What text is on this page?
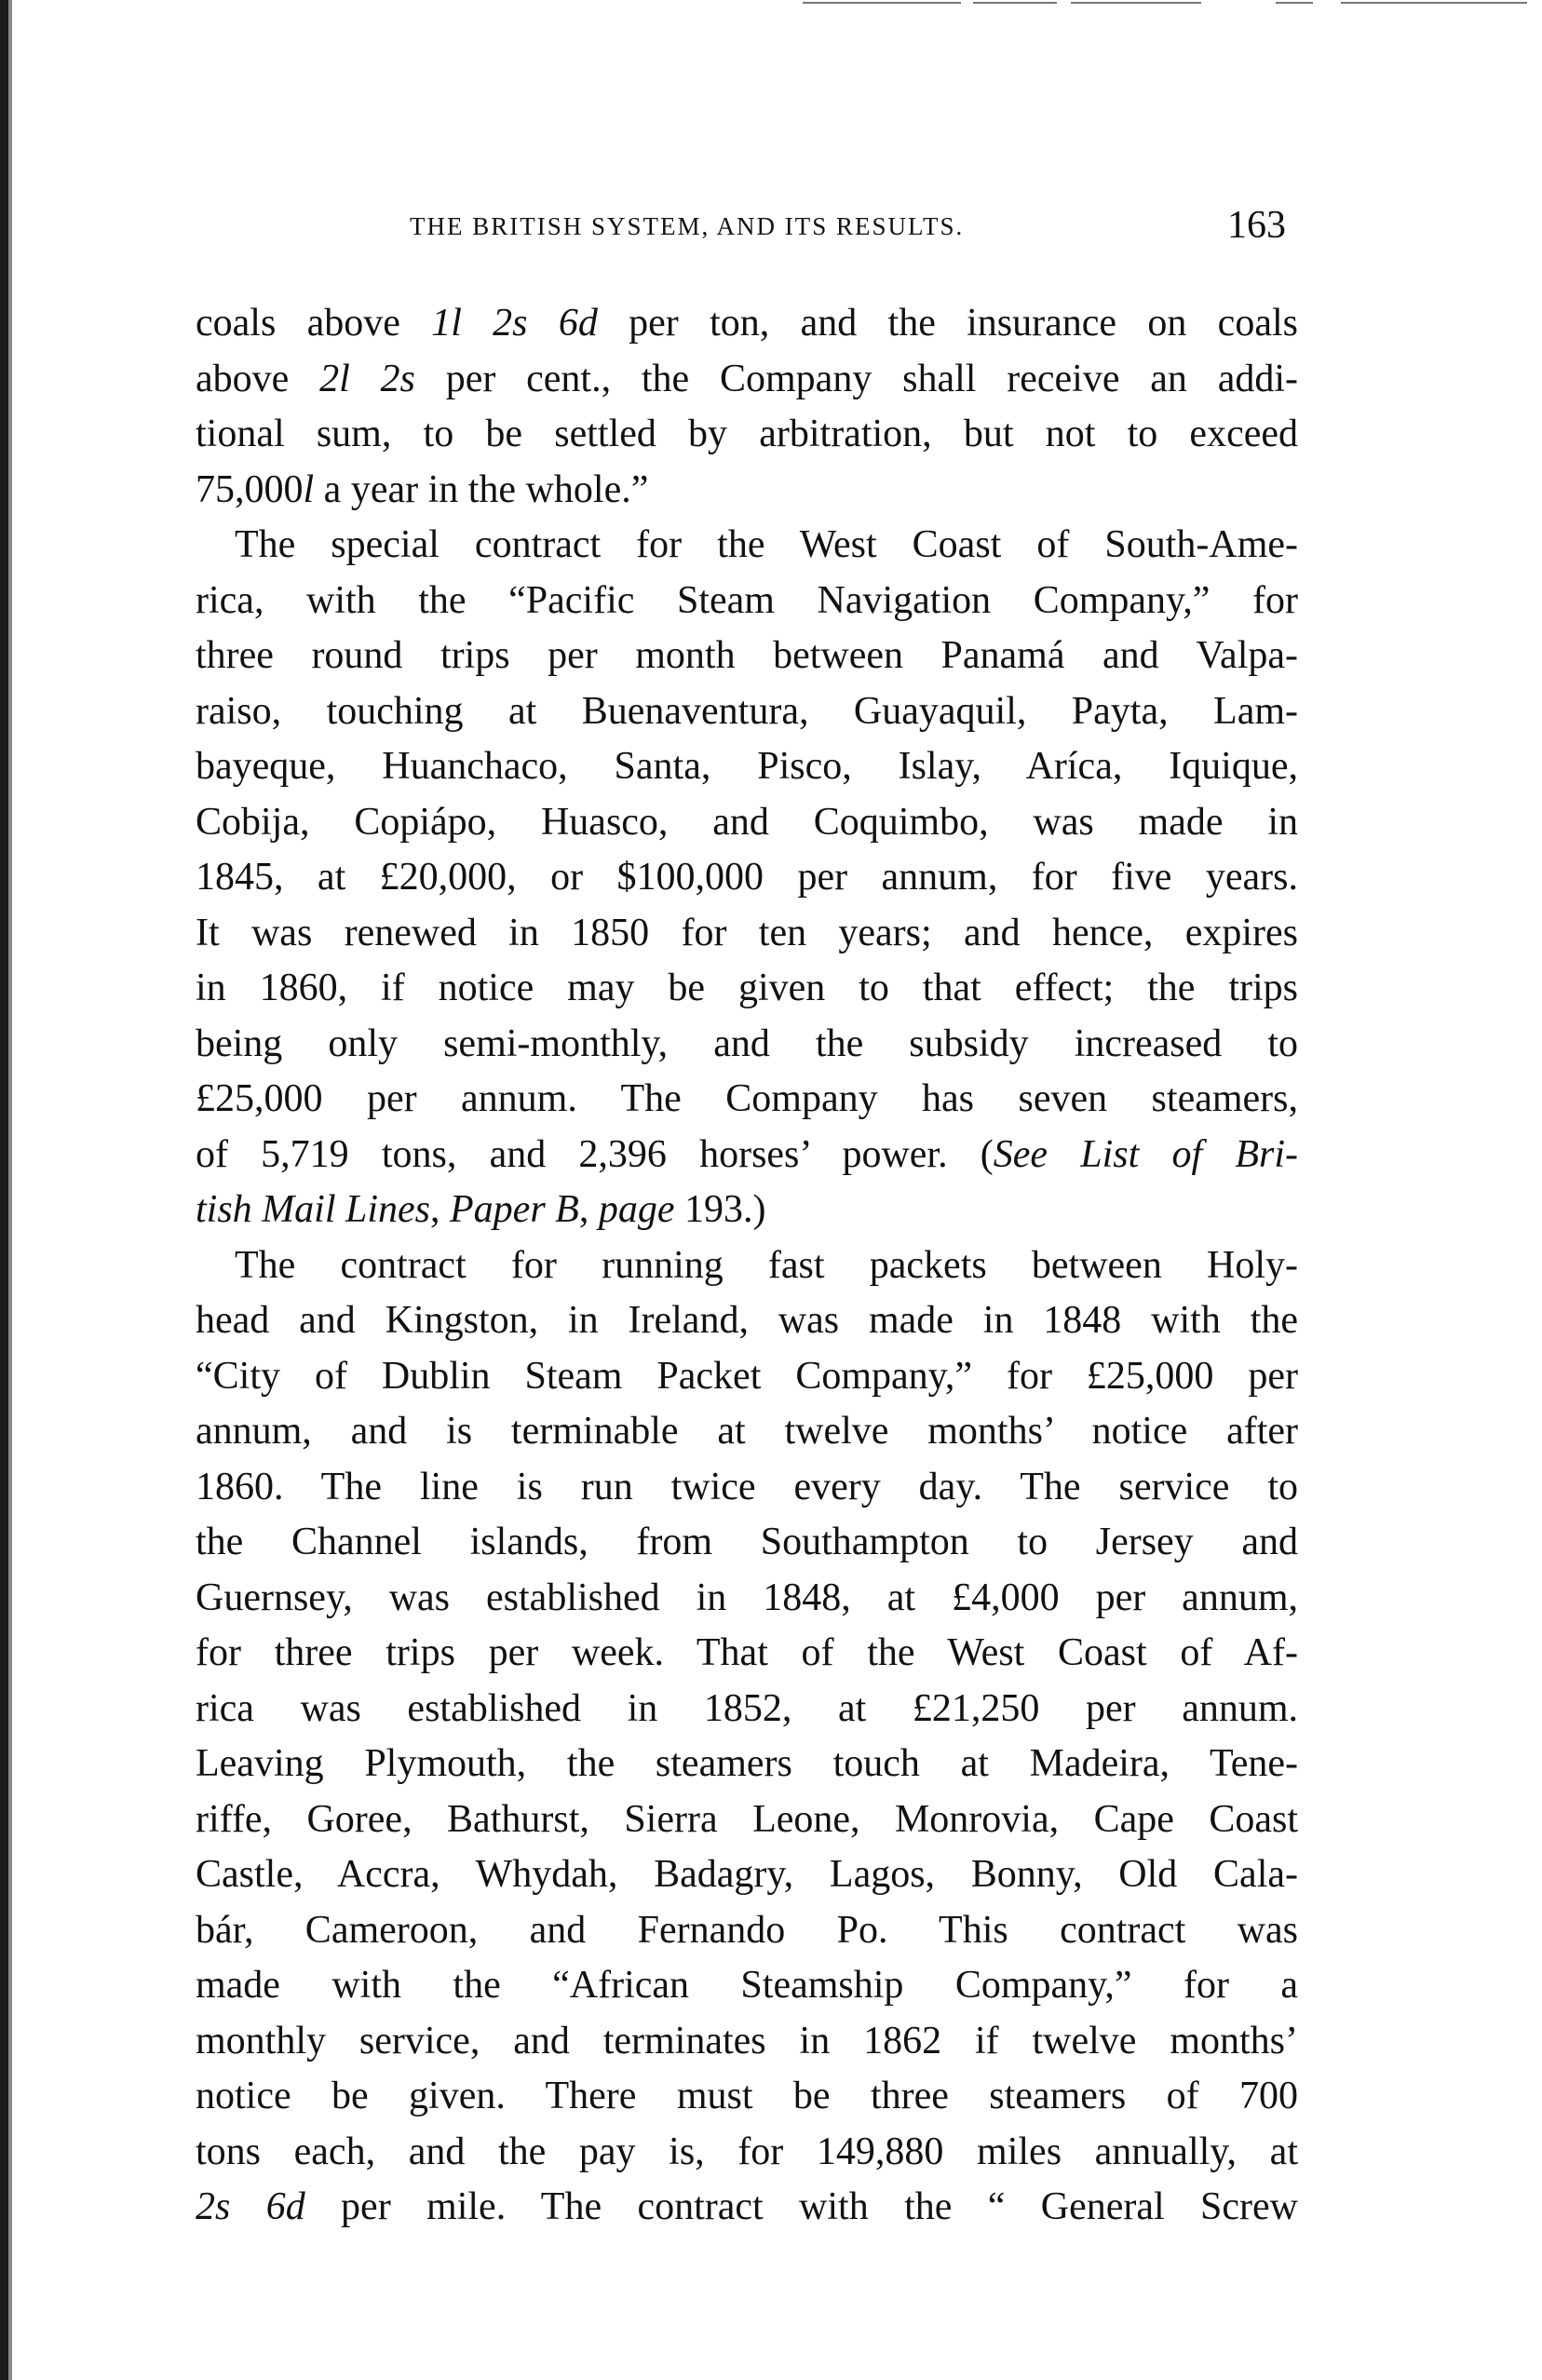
THE BRITISH SYSTEM, AND ITS RESULTS.	163
coals above 1l 2s 6d per ton, and the insurance on coals
above 2l 2s per cent., the Company shall receive an addi-
tional sum, to be settled by arbitration, but not to exceed
75,000l a year in the whole.”
The special contract for the West Coast of South-Ame-
rica, with the “Pacific Steam Navigation Company,” for
three round trips per month between Panamá and Valpa-
raiso, touching at Buenaventura, Guayaquil, Payta, Lam-
bayeque, Huanchaco, Santa, Pisco, Islay, Aríca, Iquique,
Cobija, Copiápo, Huasco, and Coquimbo, was made in
1845, at £20,000, or $100,000 per annum, for five years.
It was renewed in 1850 for ten years; and hence, expires
in 1860, if notice may be given to that effect; the trips
being only semi-monthly, and the subsidy increased to
£25,000 per annum. The Company has seven steamers,
of 5,719 tons, and 2,396 horses’ power. (See List of Bri-
tish Mail Lines, Paper B, page 193.)
The contract for running fast packets between Holy-
head and Kingston, in Ireland, was made in 1848 with the
“City of Dublin Steam Packet Company,” for £25,000 per
annum, and is terminable at twelve months’ notice after
1860. The line is run twice every day. The service to
the Channel islands, from Southampton to Jersey and
Guernsey, was established in 1848, at £4,000 per annum,
for three trips per week. That of the West Coast of Af-
rica was established in 1852, at £21,250 per annum.
Leaving Plymouth, the steamers touch at Madeira, Tene-
riffe, Goree, Bathurst, Sierra Leone, Monrovia, Cape Coast
Castle, Accra, Whydah, Badagry, Lagos, Bonny, Old Cala-
bár, Cameroon, and Fernando Po. This contract was
made with the “African Steamship Company,” for a
monthly service, and terminates in 1862 if twelve months’
notice be given. There must be three steamers of 700
tons each, and the pay is, for 149,880 miles annually, at
2s 6d per mile. The contract with the “ General Screw
